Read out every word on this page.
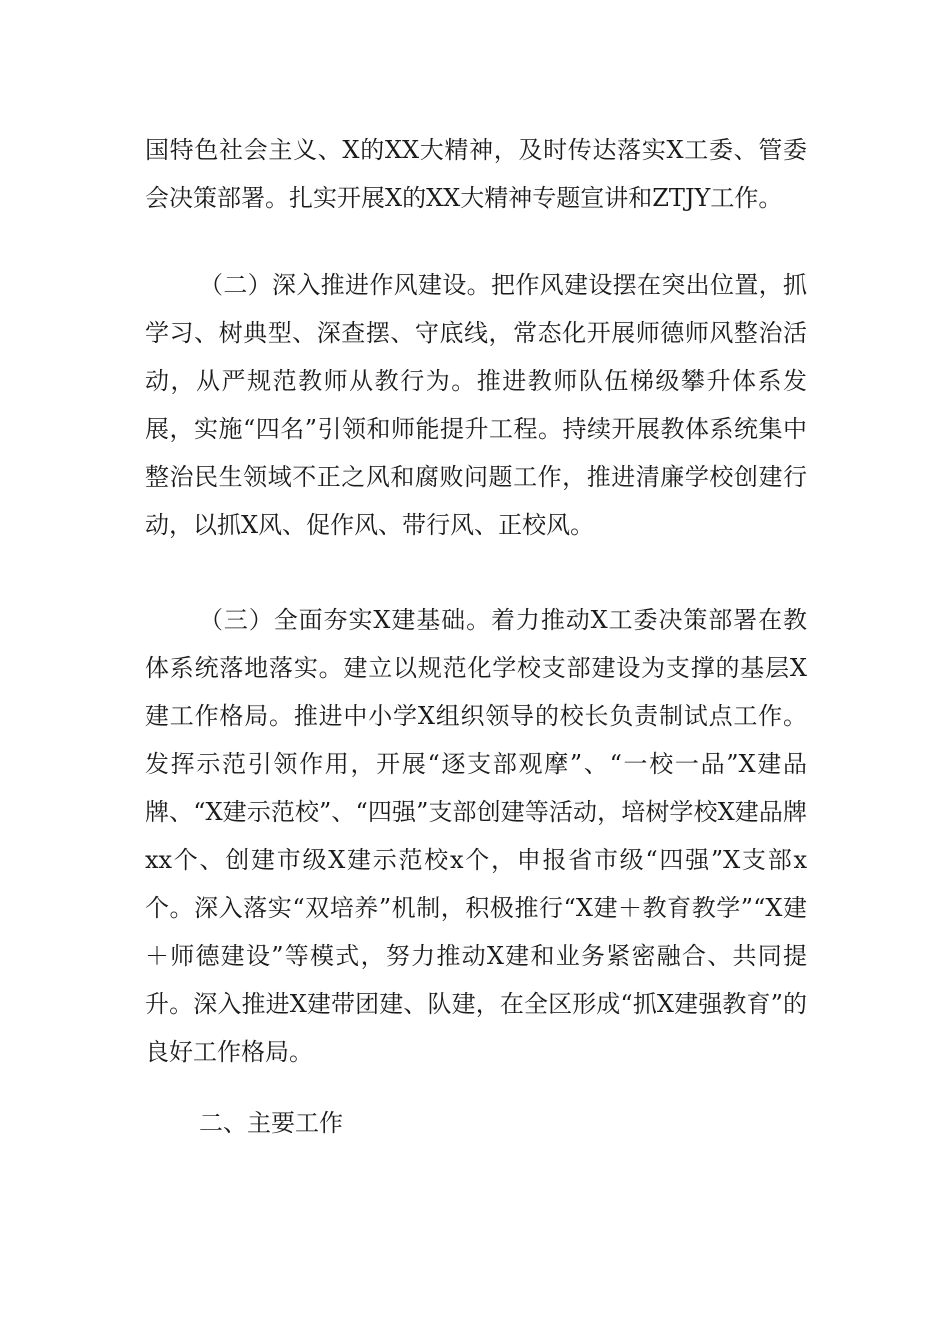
国特色社会主义、X的XX大精神，及时传达落实X工委、管委会决策部署。扎实开展X的XX大精神专题宣讲和ZTJY工作。

（二）深入推进作风建设。把作风建设摆在突出位置，抓学习、树典型、深查摆、守底线，常态化开展师德师风整治活动，从严规范教师从教行为。推进教师队伍梯级攀升体系发展，实施“四名”引领和师能提升工程。持续开展教体系统集中整治民生领域不正之风和腐败问题工作，推进清廉学校创建行动，以抓X风、促作风、带行风、正校风。

（三）全面夯实X建基础。着力推动X工委决策部署在教体系统落地落实。建立以规范化学校支部建设为支撑的基层X建工作格局。推进中小学X组织领导的校长负责制试点工作。发挥示范引领作用，开展“逐支部观摩”、“一校一品”X建品牌、“X建示范校”、“四强”支部创建等活动，培树学校X建品牌xx个、创建市级X建示范校x个，申报省市级“四强”X支部x个。深入落实“双培养”机制，积极推行“X建＋教育教学”“X建＋师德建设”等模式，努力推动X建和业务紧密融合、共同提升。深入推进X建带团建、队建，在全区形成“抓X建强教育”的良好工作格局。

二、主要工作
